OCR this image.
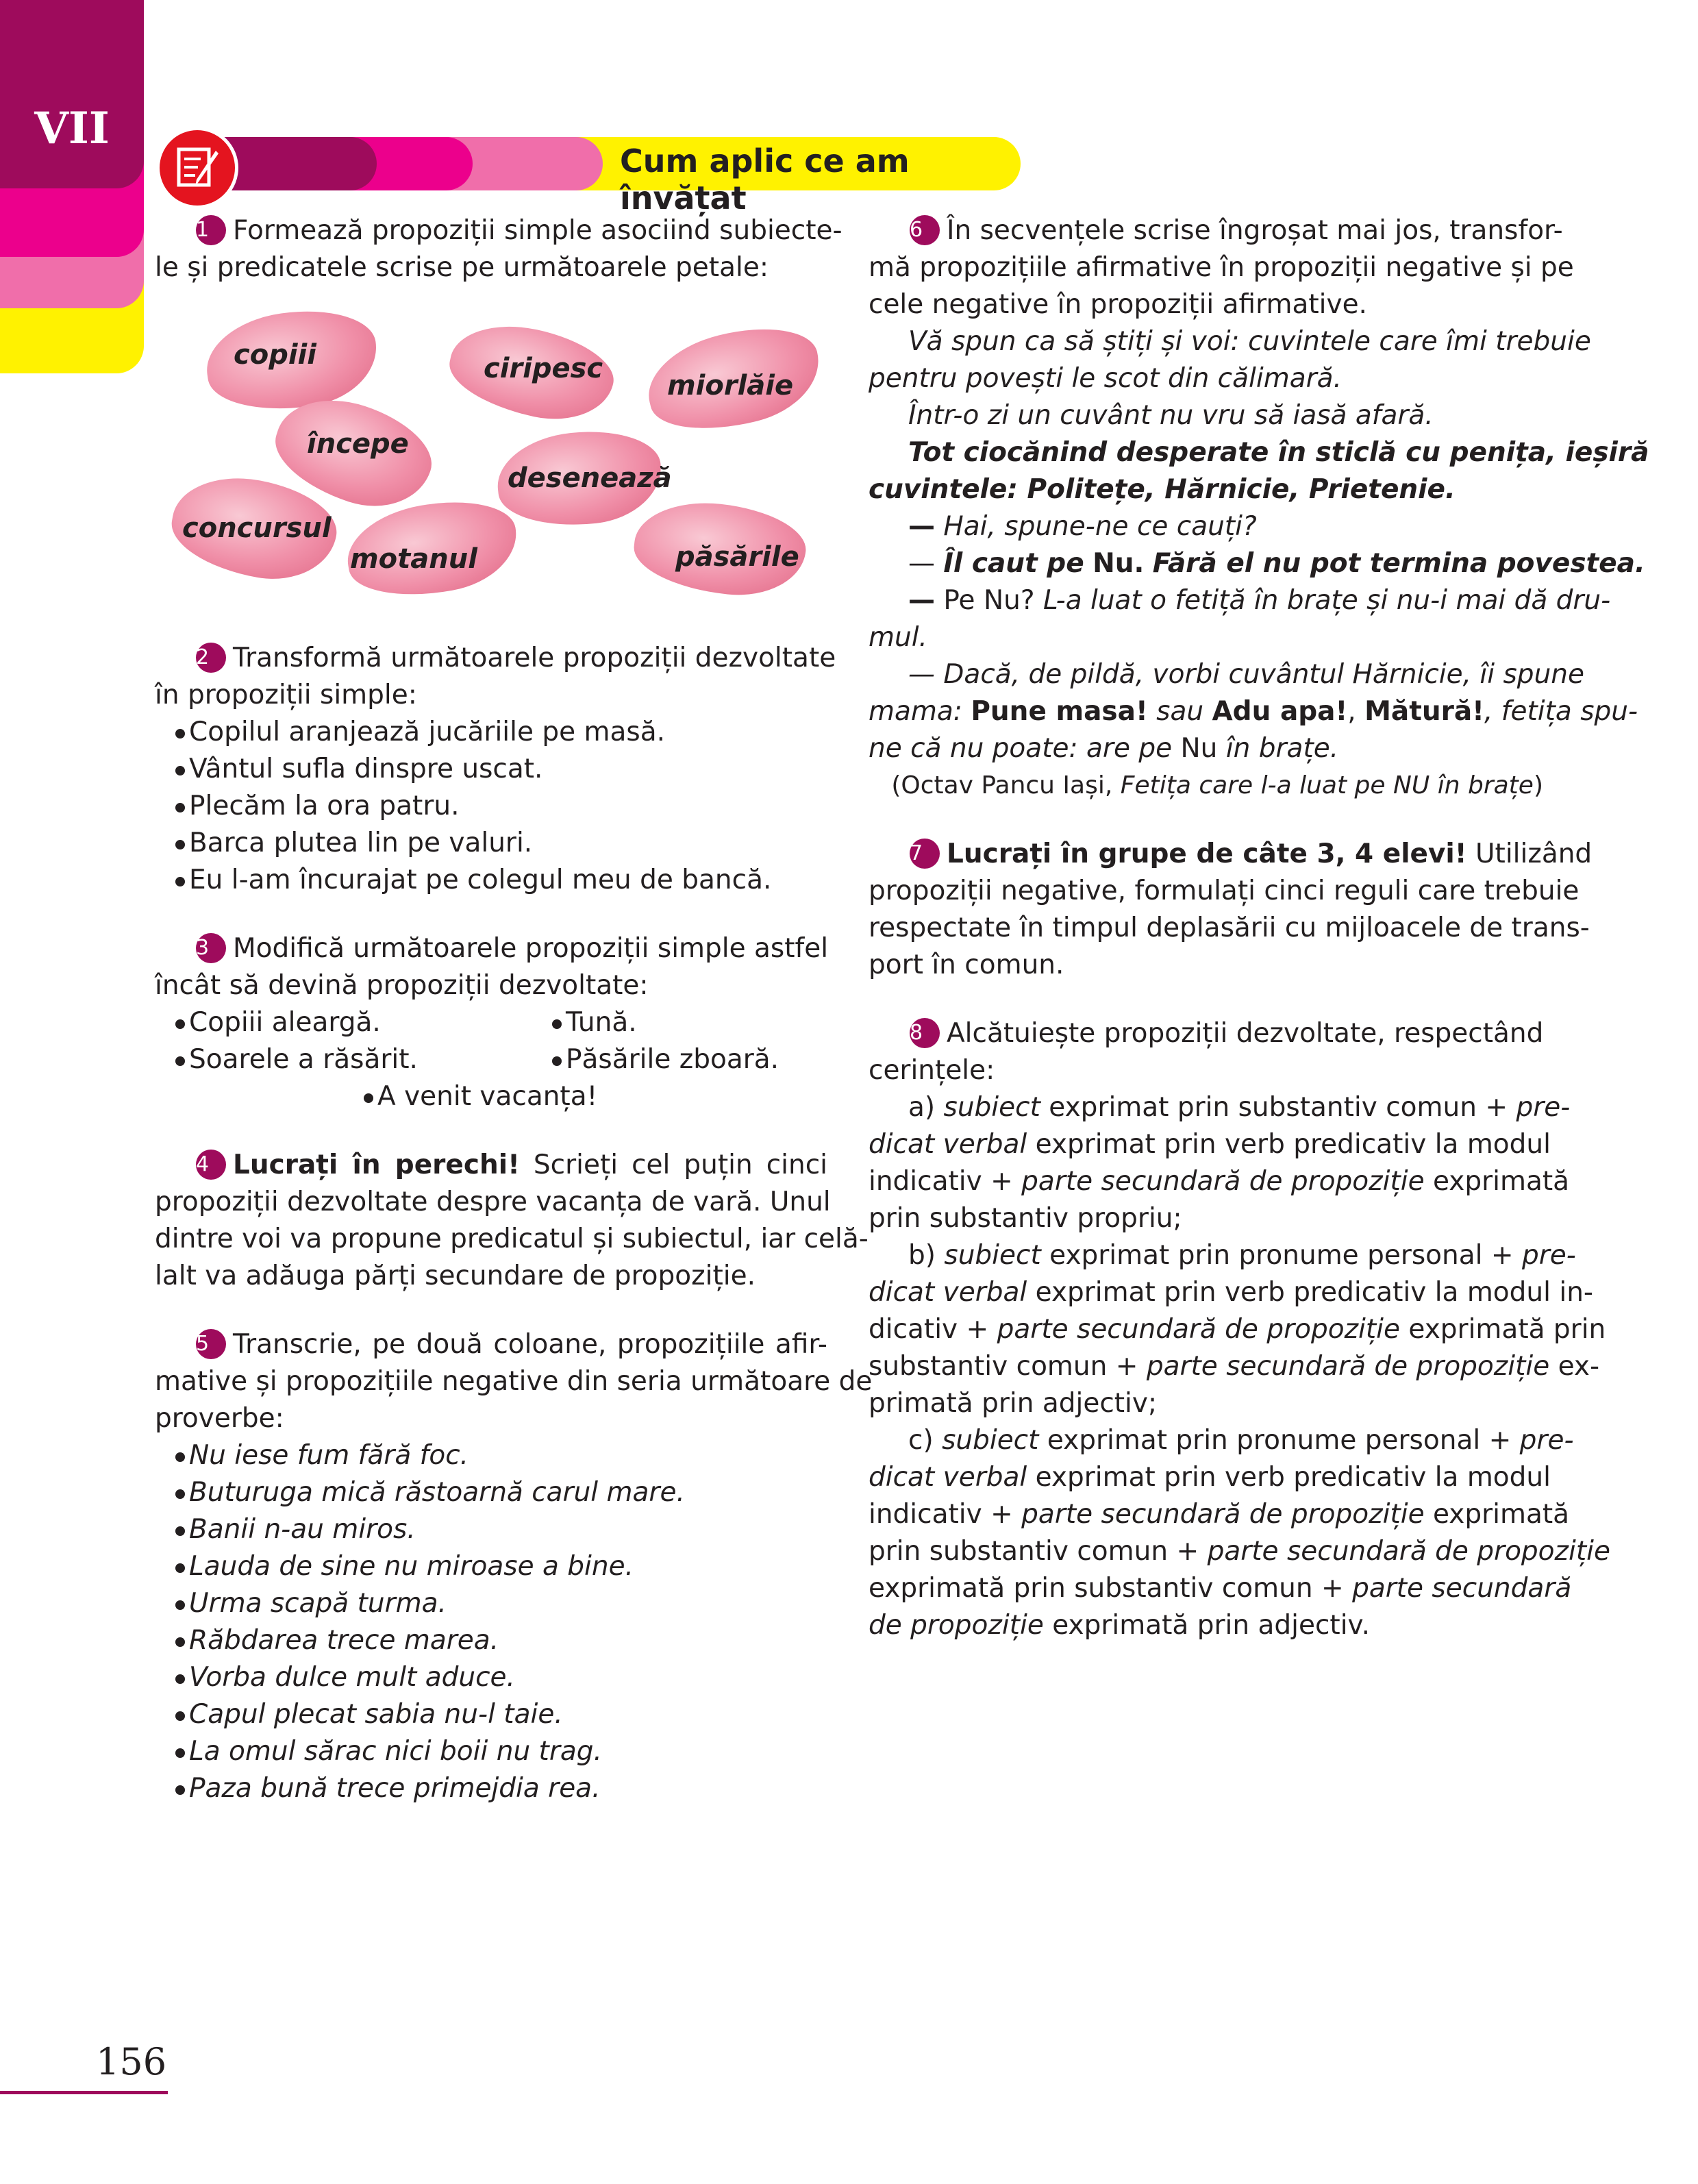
VII
Cum aplic ce am învățat
1 Formează propoziții simple asociind subiecte-
le și predicatele scrise pe următoarele petale:
copiii	ciripesc
miorlăie
începe
desenează
concursul
motanul	păsările
2 Transformă următoarele propoziții dezvoltate
în propoziții simple:
Copilul aranjează jucăriile pe masă.
Vântul sufla dinspre uscat.
Plecăm la ora patru.
Barca plutea lin pe valuri.
Eu l-am încurajat pe colegul meu de bancă.
3 Modifică următoarele propoziții simple astfel
încât să devină propoziții dezvoltate:
Copiii aleargă.	Tună.
Soarele a răsărit.	Păsările zboară.
A venit vacanța!
4 Lucrați în perechi! Scrieți cel puțin cinci
propoziții dezvoltate despre vacanța de vară. Unul
dintre voi va propune predicatul și subiectul, iar celă-
lalt va adăuga părți secundare de propoziție.
5 Transcrie, pe două coloane, propozițiile afir-
mative și propozițiile negative din seria următoare de
proverbe:
Nu iese fum fără foc.
Buturuga mică răstoarnă carul mare.
Banii n-au miros.
Lauda de sine nu miroase a bine.
Urma scapă turma.
Răbdarea trece marea.
Vorba dulce mult aduce.
Capul plecat sabia nu-l taie.
La omul sărac nici boii nu trag.
Paza bună trece primejdia rea.
6 În secvențele scrise îngroșat mai jos, transfor-
mă propozițiile afirmative în propoziții negative și pe
cele negative în propoziții afirmative.
Vă spun ca să știți și voi: cuvintele care îmi trebuie
pentru povești le scot din călimară.
Într-o zi un cuvânt nu vru să iasă afară.
Tot ciocănind desperate în sticlă cu penița, ieșiră
cuvintele: Politețe, Hărnicie, Prietenie.
— Hai, spune-ne ce cauți?
— Îl caut pe Nu. Fără el nu pot termina povestea.
— Pe Nu? L-a luat o fetiță în brațe și nu-i mai dă dru-
mul.
— Dacă, de pildă, vorbi cuvântul Hărnicie, îi spune
mama: Pune masa! sau Adu apa!, Mătură!, fetița spu-
ne că nu poate: are pe Nu în brațe.
(Octav Pancu Iași, Fetița care l-a luat pe NU în brațe)
7 Lucrați în grupe de câte 3, 4 elevi! Utilizând
propoziții negative, formulați cinci reguli care trebuie
respectate în timpul deplasării cu mijloacele de trans-
port în comun.
8 Alcătuiește propoziții dezvoltate, respectând
cerințele:
a) subiect exprimat prin substantiv comun + pre-
dicat verbal exprimat prin verb predicativ la modul
indicativ + parte secundară de propoziție exprimată
prin substantiv propriu;
b) subiect exprimat prin pronume personal + pre-
dicat verbal exprimat prin verb predicativ la modul in-
dicativ + parte secundară de propoziție exprimată prin
substantiv comun + parte secundară de propoziție ex-
primată prin adjectiv;
c) subiect exprimat prin pronume personal + pre-
dicat verbal exprimat prin verb predicativ la modul
indicativ + parte secundară de propoziție exprimată
prin substantiv comun + parte secundară de propoziție
exprimată prin substantiv comun + parte secundară
de propoziție exprimată prin adjectiv.
156
